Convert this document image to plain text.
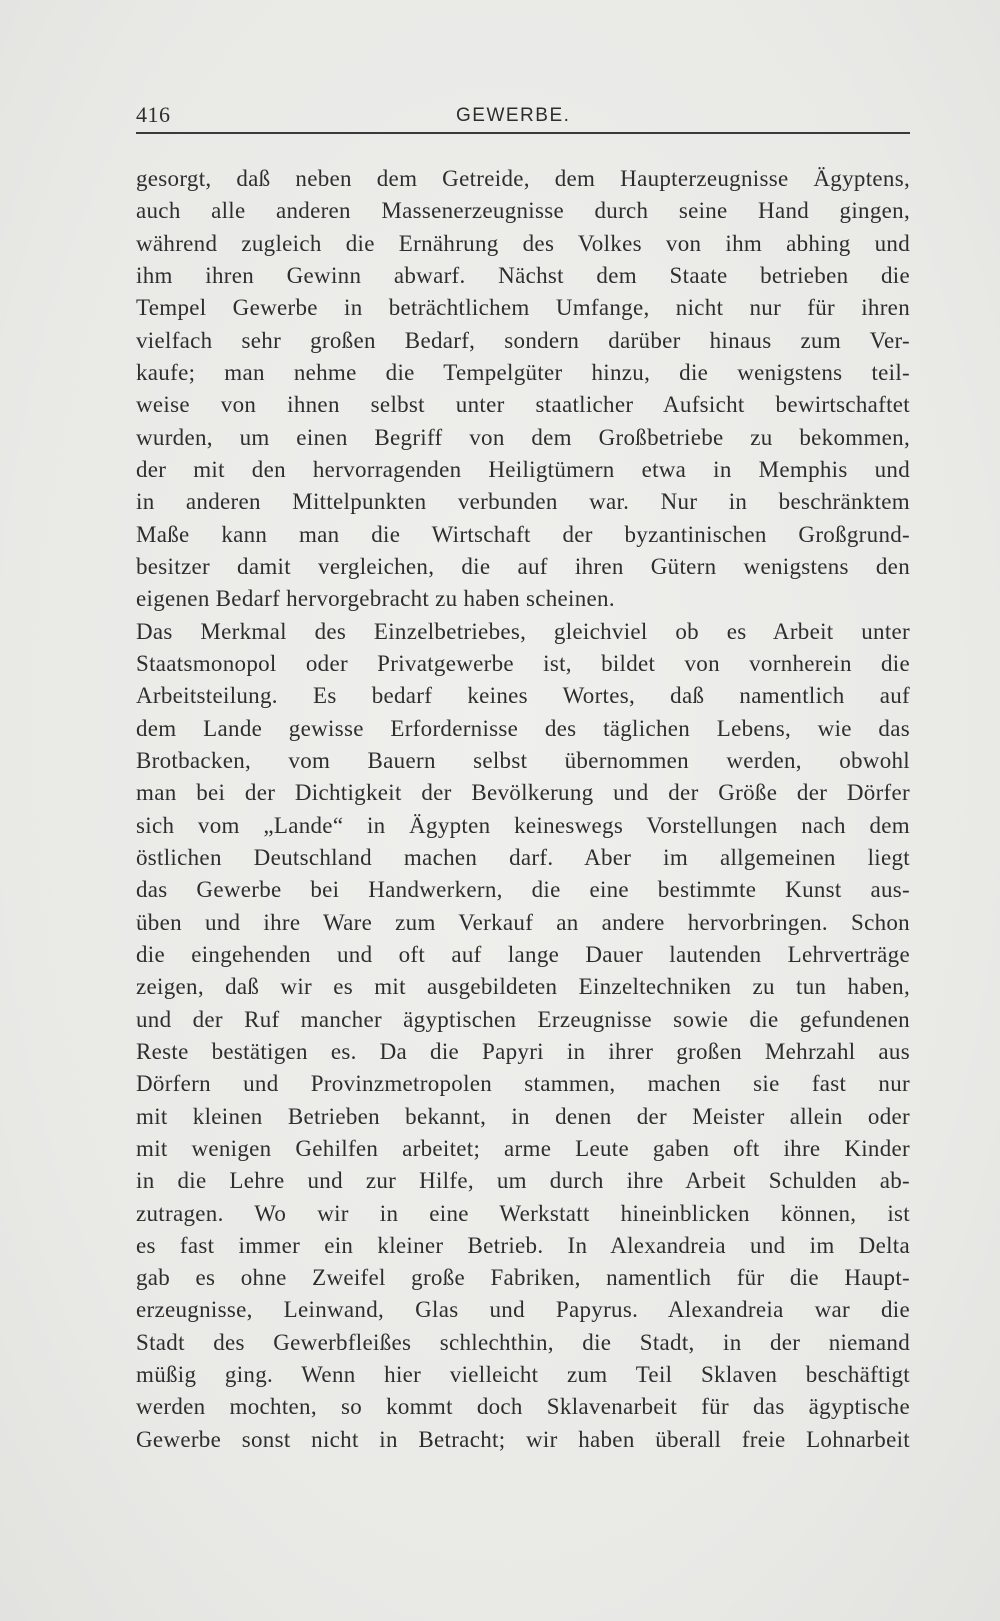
416	GEWERBE.
gesorgt, daß neben dem Getreide, dem Haupterzeugnisse Ägyptens,
auch alle anderen Massenerzeugnisse durch seine Hand gingen,
während zugleich die Ernährung des Volkes von ihm abhing und
ihm ihren Gewinn abwarf. Nächst dem Staate betrieben die
Tempel Gewerbe in beträchtlichem Umfange, nicht nur für ihren
vielfach sehr großen Bedarf, sondern darüber hinaus zum Ver-
kaufe; man nehme die Tempelgüter hinzu, die wenigstens teil-
weise von ihnen selbst unter staatlicher Aufsicht bewirtschaftet
wurden, um einen Begriff von dem Großbetriebe zu bekommen,
der mit den hervorragenden Heiligtümern etwa in Memphis und
in anderen Mittelpunkten verbunden war. Nur in beschränktem
Maße kann man die Wirtschaft der byzantinischen Großgrund-
besitzer damit vergleichen, die auf ihren Gütern wenigstens den
eigenen Bedarf hervorgebracht zu haben scheinen.
Das Merkmal des Einzelbetriebes, gleichviel ob es Arbeit unter
Staatsmonopol oder Privatgewerbe ist, bildet von vornherein die
Arbeitsteilung. Es bedarf keines Wortes, daß namentlich auf
dem Lande gewisse Erfordernisse des täglichen Lebens, wie das
Brotbacken, vom Bauern selbst übernommen werden, obwohl
man bei der Dichtigkeit der Bevölkerung und der Größe der Dörfer
sich vom „Lande“ in Ägypten keineswegs Vorstellungen nach dem
östlichen Deutschland machen darf. Aber im allgemeinen liegt
das Gewerbe bei Handwerkern, die eine bestimmte Kunst aus-
üben und ihre Ware zum Verkauf an andere hervorbringen. Schon
die eingehenden und oft auf lange Dauer lautenden Lehrverträge
zeigen, daß wir es mit ausgebildeten Einzeltechniken zu tun haben,
und der Ruf mancher ägyptischen Erzeugnisse sowie die gefundenen
Reste bestätigen es. Da die Papyri in ihrer großen Mehrzahl aus
Dörfern und Provinzmetropolen stammen, machen sie fast nur
mit kleinen Betrieben bekannt, in denen der Meister allein oder
mit wenigen Gehilfen arbeitet; arme Leute gaben oft ihre Kinder
in die Lehre und zur Hilfe, um durch ihre Arbeit Schulden ab-
zutragen. Wo wir in eine Werkstatt hineinblicken können, ist
es fast immer ein kleiner Betrieb. In Alexandreia und im Delta
gab es ohne Zweifel große Fabriken, namentlich für die Haupt-
erzeugnisse, Leinwand, Glas und Papyrus. Alexandreia war die
Stadt des Gewerbfleißes schlechthin, die Stadt, in der niemand
müßig ging. Wenn hier vielleicht zum Teil Sklaven beschäftigt
werden mochten, so kommt doch Sklavenarbeit für das ägyptische
Gewerbe sonst nicht in Betracht; wir haben überall freie Lohnarbeit
